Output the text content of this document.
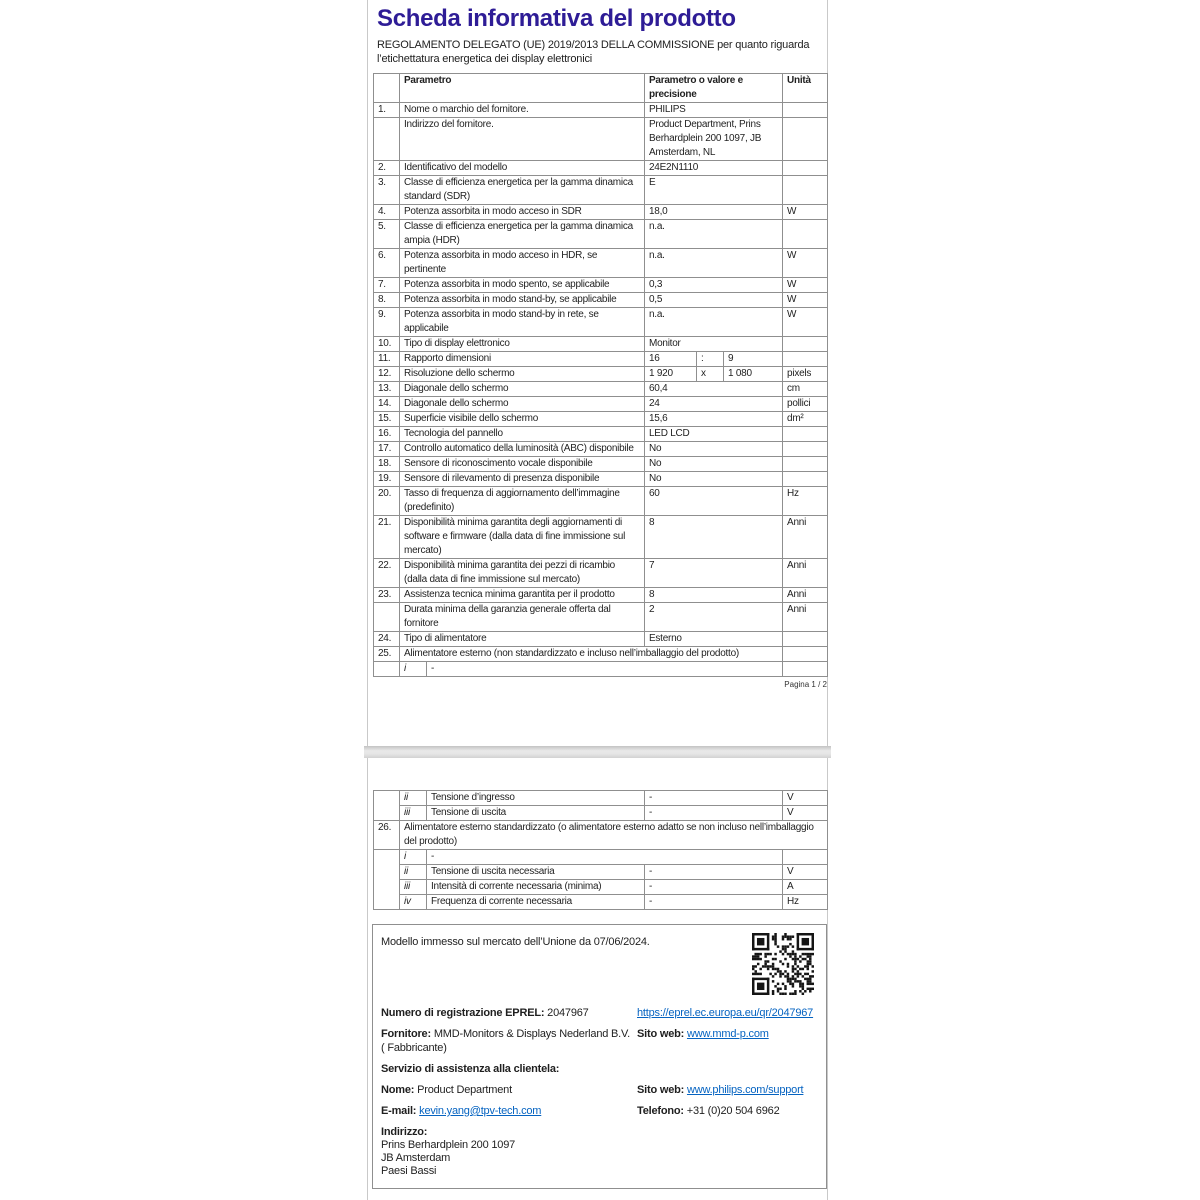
Scheda informativa del prodotto
REGOLAMENTO DELEGATO (UE) 2019/2013 DELLA COMMISSIONE per quanto riguarda l’etichettatura energetica dei display elettronici
	Parametro		Parametro o valore e precisione			Unità
1.	Nome o marchio del fornitore.		PHILIPS			
	Indirizzo del fornitore.		Product Department, Prins Berhardplein 200 1097, JB Amsterdam, NL			
2.	Identificativo del modello		24E2N1110			
3.	Classe di efficienza energetica per la gamma dinamica standard (SDR)		E			
4.	Potenza assorbita in modo acceso in SDR		18,0			W
5.	Classe di efficienza energetica per la gamma dinamica ampia (HDR)		n.a.			
6.	Potenza assorbita in modo acceso in HDR, se pertinente		n.a.			W
7.	Potenza assorbita in modo spento, se applicabile		0,3			W
8.	Potenza assorbita in modo stand-by, se applicabile		0,5			W
9.	Potenza assorbita in modo stand-by in rete, se applicabile		n.a.			W
10.	Tipo di display elettronico		Monitor			
11.	Rapporto dimensioni		16	:	9	
12.	Risoluzione dello schermo		1 920	x	1 080	pixels
13.	Diagonale dello schermo		60,4			cm
14.	Diagonale dello schermo		24			pollici
15.	Superficie visibile dello schermo		15,6			dm²
16.	Tecnologia del pannello		LED LCD			
17.	Controllo automatico della luminosità (ABC) disponibile		No			
18.	Sensore di riconoscimento vocale disponibile		No			
19.	Sensore di rilevamento di presenza disponibile		No			
20.	Tasso di frequenza di aggiornamento dell’immagine (predefinito)		60			Hz
21.	Disponibilità minima garantita degli aggiornamenti di software e firmware (dalla data di fine immissione sul mercato)		8			Anni
22.	Disponibilità minima garantita dei pezzi di ricambio (dalla data di fine immissione sul mercato)		7			Anni
23.	Assistenza tecnica minima garantita per il prodotto		8			Anni
	Durata minima della garanzia generale offerta dal fornitore		2			Anni
24.	Tipo di alimentatore		Esterno			
25.	Alimentatore esterno (non standardizzato e incluso nell’imballaggio del prodotto)					
	i	-				
Pagina 1 / 2
	ii	Tensione d’ingresso	-	V
	iii	Tensione di uscita	-	V
26.	Alimentatore esterno standardizzato (o alimentatore esterno adatto se non incluso nell’imballaggio del prodotto)			
	i	-		
	ii	Tensione di uscita necessaria	-	V
	iii	Intensità di corrente necessaria (minima)	-	A
	iv	Frequenza di corrente necessaria	-	Hz
Modello immesso sul mercato dell’Unione da 07/06/2024.
Numero di registrazione EPREL: 2047967	https://eprel.ec.europa.eu/qr/2047967
Fornitore: MMD-Monitors & Displays Nederland B.V. ( Fabbricante)
Sito web: www.mmd-p.com
Servizio di assistenza alla clientela:
Nome: Product Department	Sito web: www.philips.com/support
E-mail: kevin.yang@tpv-tech.com	Telefono: +31 (0)20 504 6962
Indirizzo:
Prins Berhardplein 200 1097
JB Amsterdam
Paesi Bassi
